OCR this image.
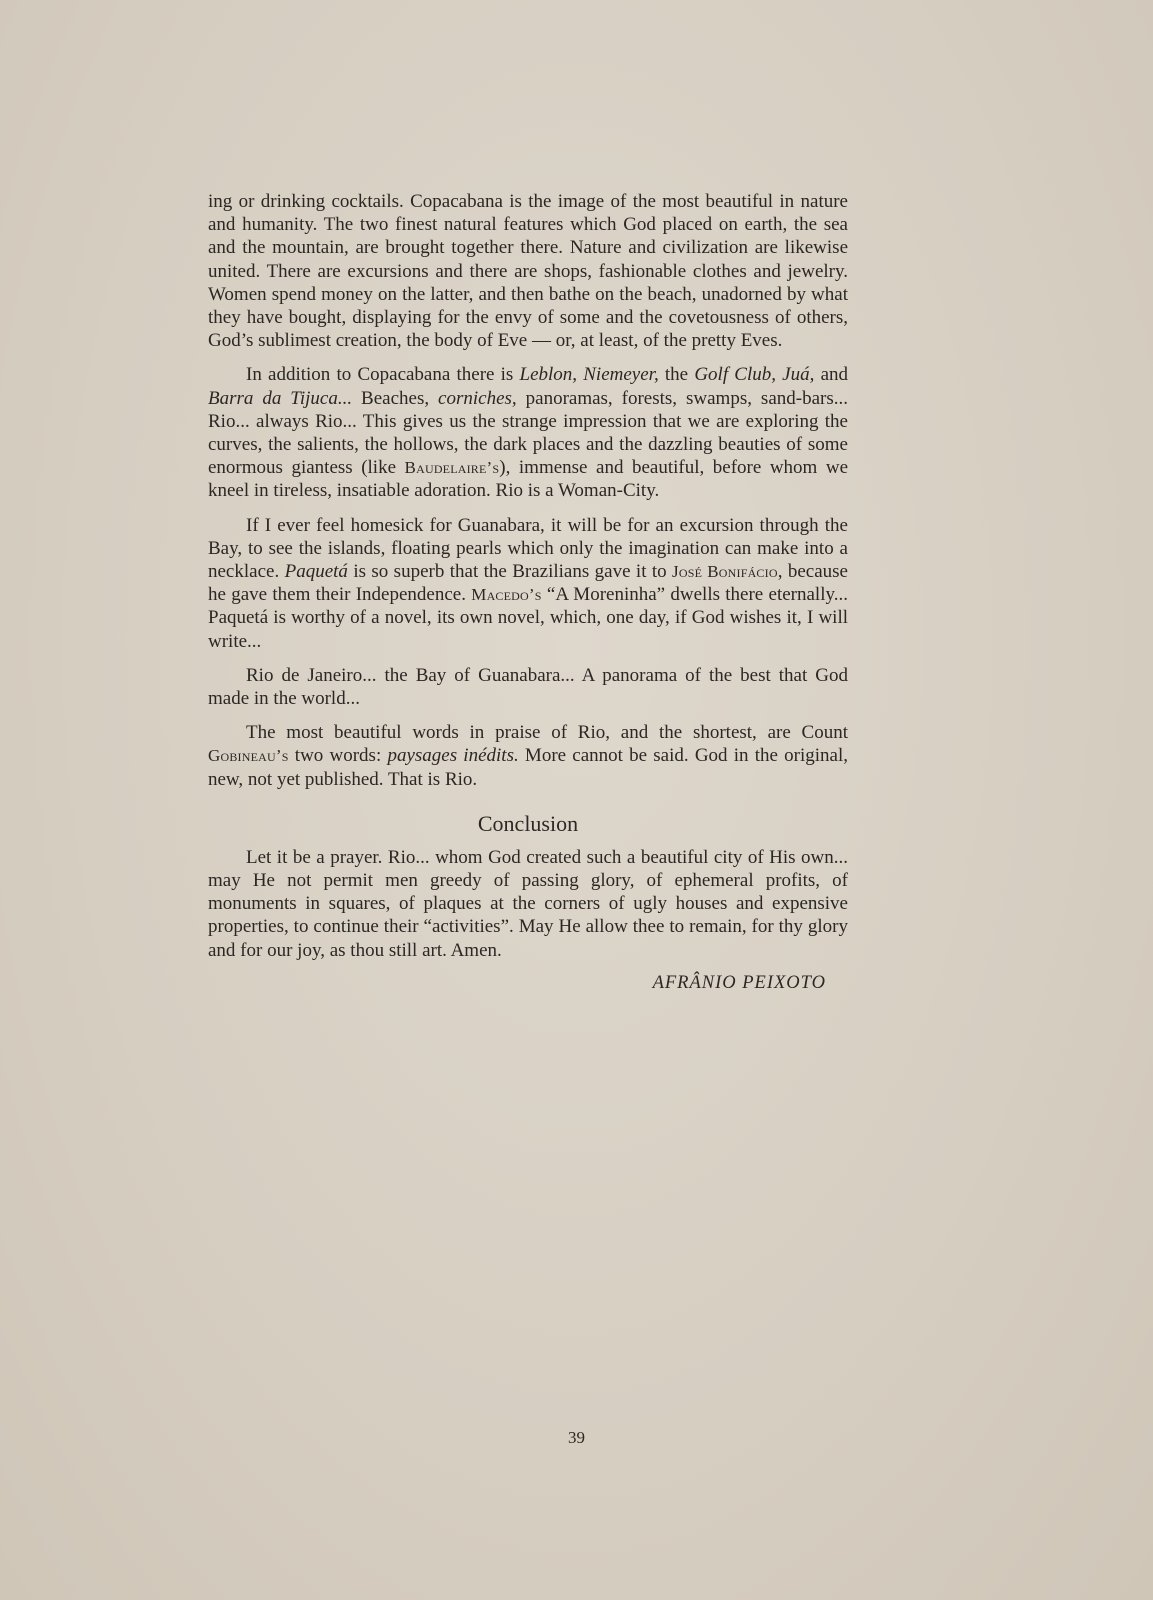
ing or drinking cocktails. Copacabana is the image of the most beautiful in nature and humanity. The two finest natural features which God placed on earth, the sea and the mountain, are brought together there. Nature and civilization are likewise united. There are excursions and there are shops, fashionable clothes and jewelry. Women spend money on the latter, and then bathe on the beach, unadorned by what they have bought, displaying for the envy of some and the covetousness of others, God’s sublimest creation, the body of Eve — or, at least, of the pretty Eves.

In addition to Copacabana there is Leblon, Niemeyer, the Golf Club, Juá, and Barra da Tijuca... Beaches, corniches, panoramas, forests, swamps, sand-bars... Rio... always Rio... This gives us the strange impression that we are exploring the curves, the salients, the hollows, the dark places and the dazzling beauties of some enormous giantess (like Baudelaire’s), immense and beautiful, before whom we kneel in tireless, insatiable adoration. Rio is a Woman-City.

If I ever feel homesick for Guanabara, it will be for an excursion through the Bay, to see the islands, floating pearls which only the imagination can make into a necklace. Paquetá is so superb that the Brazilians gave it to José Bonifácio, because he gave them their Independence. Macedo’s “A Moreninha” dwells there eternally... Paquetá is worthy of a novel, its own novel, which, one day, if God wishes it, I will write...

Rio de Janeiro... the Bay of Guanabara... A panorama of the best that God made in the world...

The most beautiful words in praise of Rio, and the shortest, are Count Gobineau’s two words: paysages inédits. More cannot be said. God in the original, new, not yet published. That is Rio.

Conclusion

Let it be a prayer. Rio... whom God created such a beautiful city of His own... may He not permit men greedy of passing glory, of ephemeral profits, of monuments in squares, of plaques at the corners of ugly houses and expensive properties, to continue their “activities”. May He allow thee to remain, for thy glory and for our joy, as thou still art. Amen.

AFRÂNIO PEIXOTO
39
